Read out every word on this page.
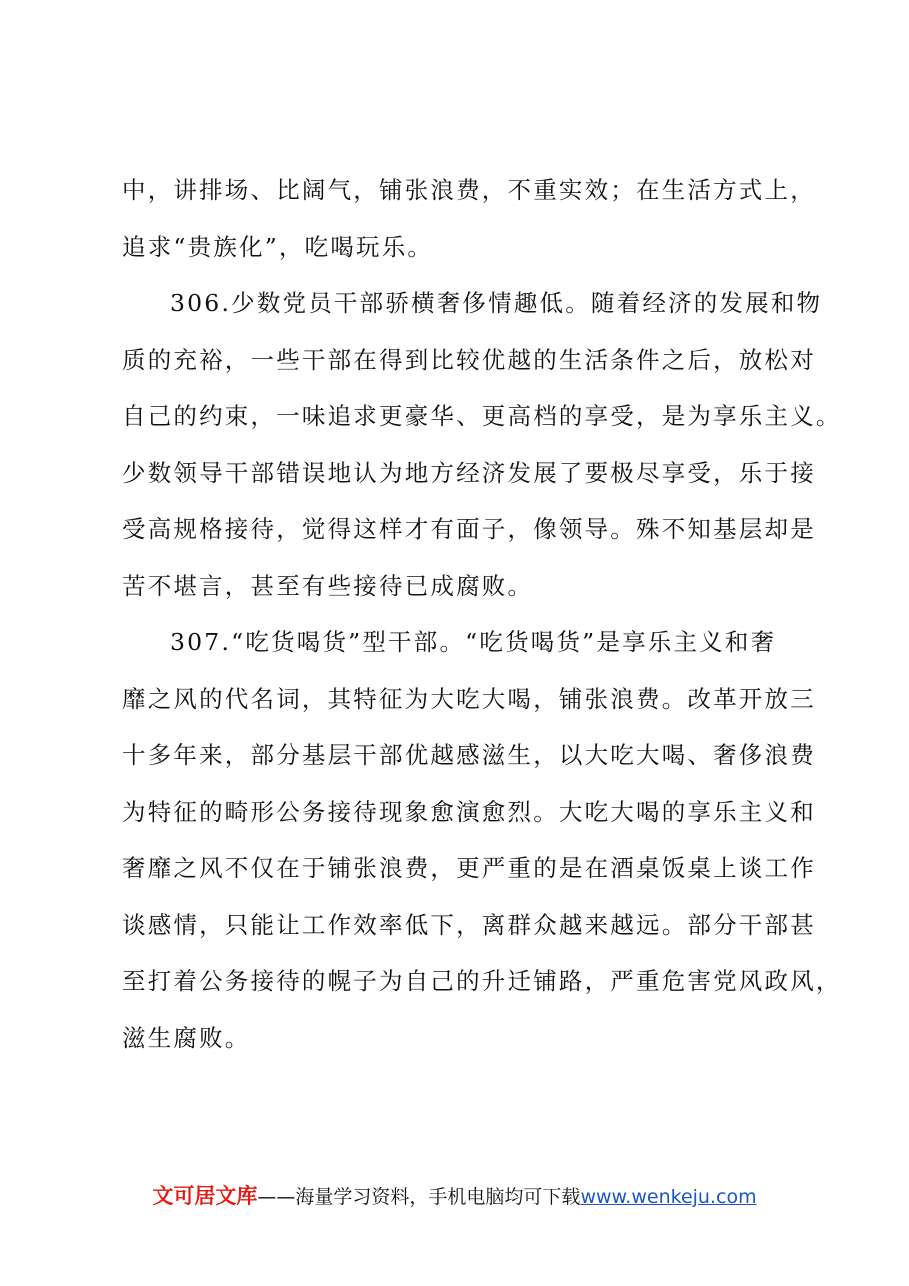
中，讲排场、比阔气，铺张浪费，不重实效；在生活方式上，
追求“贵族化”，吃喝玩乐。
306.少数党员干部骄横奢侈情趣低。随着经济的发展和物
质的充裕，一些干部在得到比较优越的生活条件之后，放松对
自己的约束，一味追求更豪华、更高档的享受，是为享乐主义。
少数领导干部错误地认为地方经济发展了要极尽享受，乐于接
受高规格接待，觉得这样才有面子，像领导。殊不知基层却是
苦不堪言，甚至有些接待已成腐败。
307.“吃货喝货”型干部。“吃货喝货”是享乐主义和奢
靡之风的代名词，其特征为大吃大喝，铺张浪费。改革开放三
十多年来，部分基层干部优越感滋生，以大吃大喝、奢侈浪费
为特征的畸形公务接待现象愈演愈烈。大吃大喝的享乐主义和
奢靡之风不仅在于铺张浪费，更严重的是在酒桌饭桌上谈工作
谈感情，只能让工作效率低下，离群众越来越远。部分干部甚
至打着公务接待的幌子为自己的升迁铺路，严重危害党风政风，
滋生腐败。
文可居文库——海量学习资料，手机电脑均可下载www.wenkeju.com
